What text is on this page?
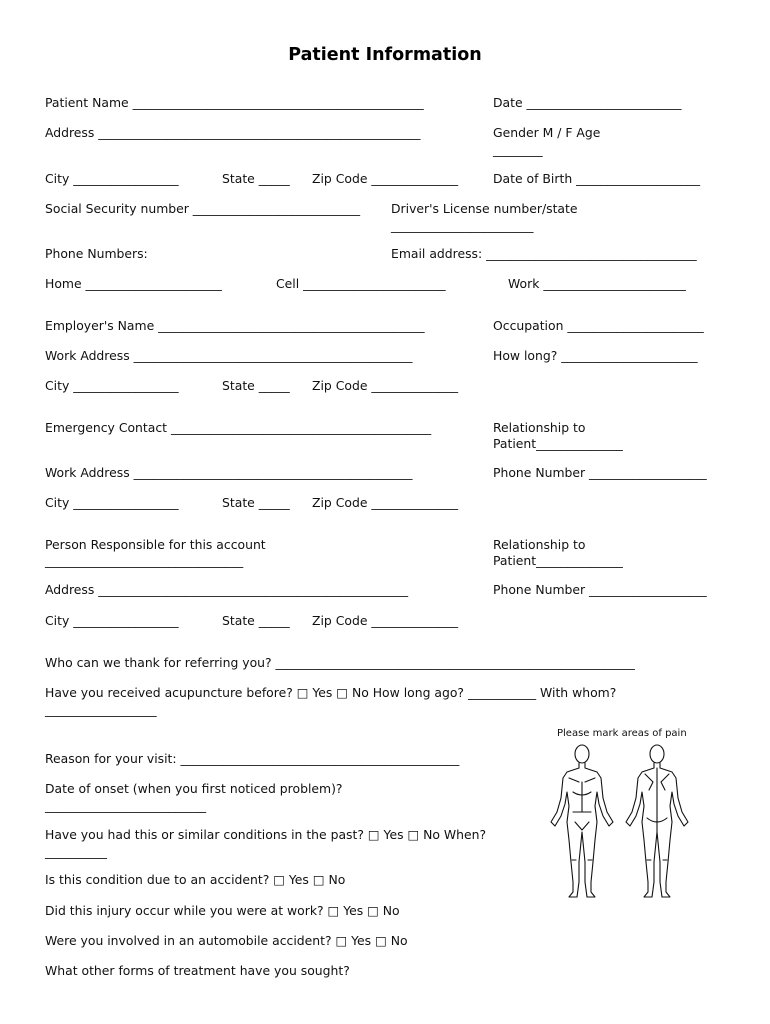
Patient Information
Patient Name _______________________________________________	Date _________________________
Address ____________________________________________________	Gender M / F Age
________
City _________________	State _____ Zip Code ______________	Date of Birth ____________________
Social Security number ___________________________ Driver's License number/state
_______________________
Phone Numbers:	Email address: __________________________________
Home ______________________	Cell _______________________	Work _______________________
Employer's Name ___________________________________________	Occupation ______________________
Work Address _____________________________________________	How long? ______________________
City _________________	State _____ Zip Code ______________
Emergency Contact __________________________________________	Relationship to
Patient______________
Work Address _____________________________________________	Phone Number ___________________
City _________________	State _____ Zip Code ______________
Person Responsible for this account
________________________________
Relationship to
Patient______________
Address __________________________________________________	Phone Number ___________________
City _________________	State _____ Zip Code ______________
Who can we thank for referring you? __________________________________________________________
Have you received acupuncture before? □ Yes □ No How long ago? ___________ With whom?
__________________
Please mark areas of pain
Reason for your visit: _____________________________________________
Date of onset (when you first noticed problem)?
__________________________
Have you had this or similar conditions in the past? □ Yes □ No When?
__________
Is this condition due to an accident? □ Yes □ No
Did this injury occur while you were at work? □ Yes □ No
Were you involved in an automobile accident? □ Yes □ No
What other forms of treatment have you sought?
